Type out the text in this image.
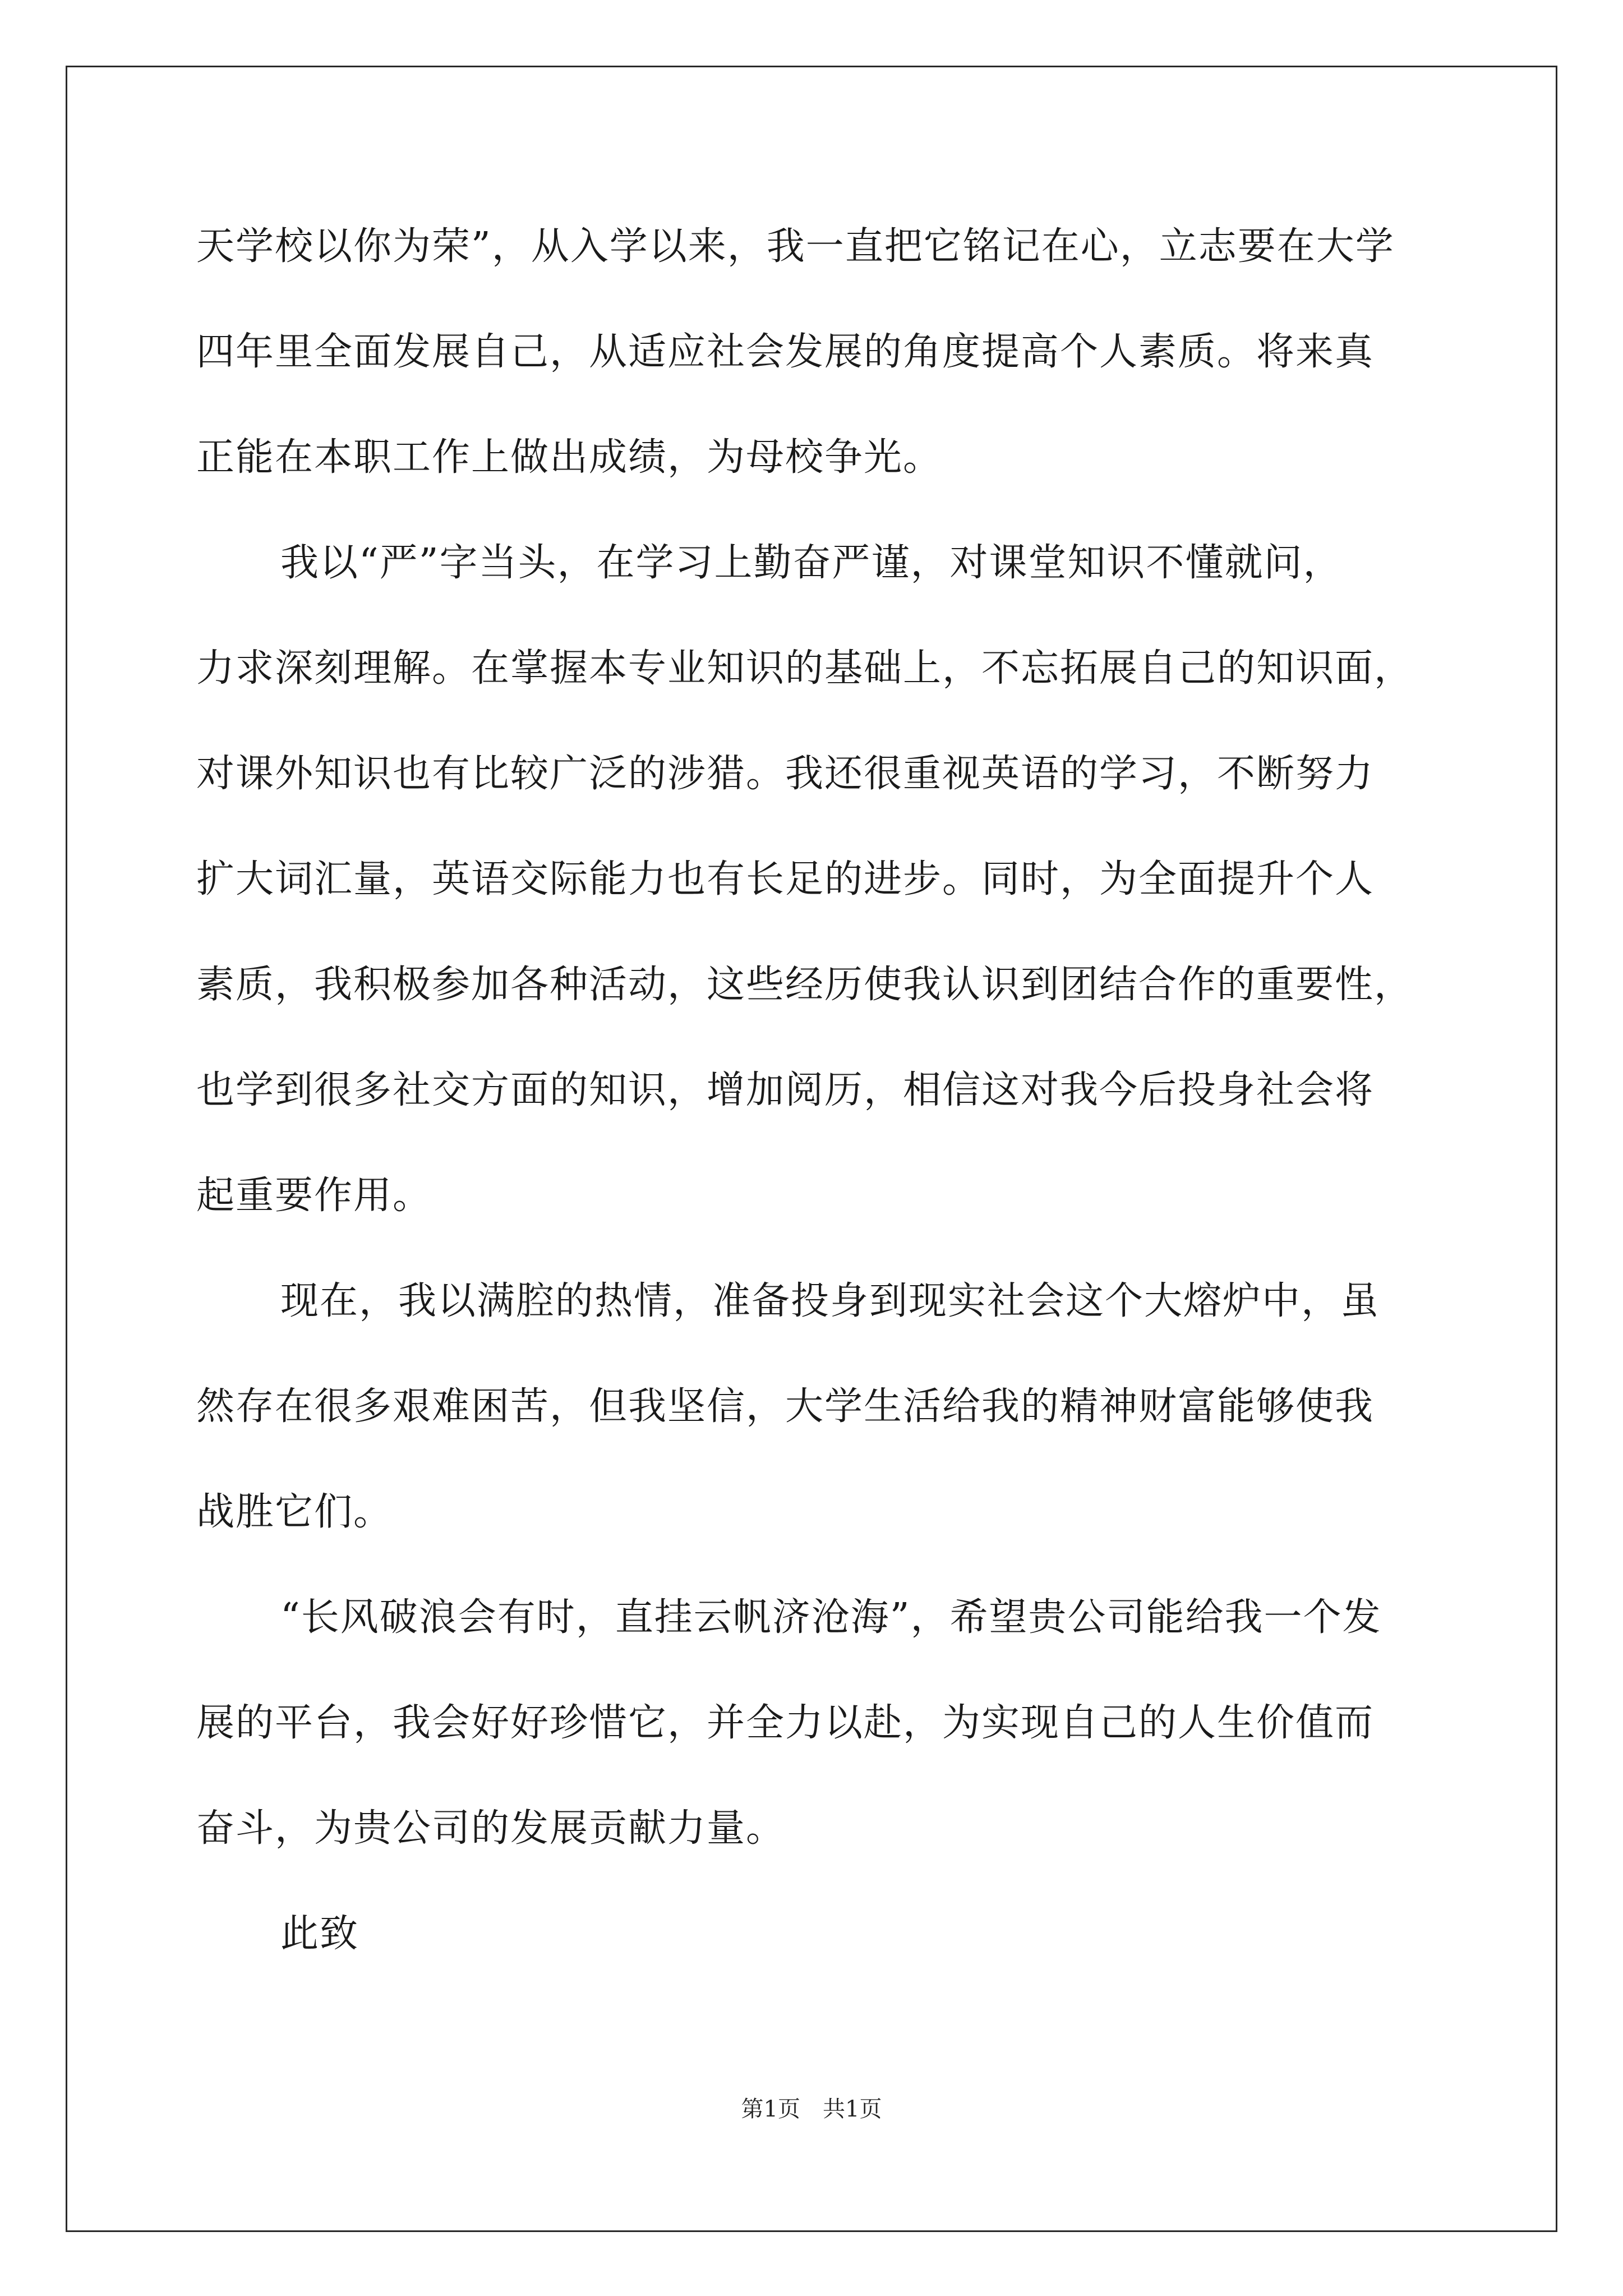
天学校以你为荣”，从入学以来，我一直把它铭记在心，立志要在大学
四年里全面发展自己，从适应社会发展的角度提高个人素质。将来真
正能在本职工作上做出成绩，为母校争光。
我以“严”字当头，在学习上勤奋严谨，对课堂知识不懂就问，
力求深刻理解。在掌握本专业知识的基础上，不忘拓展自己的知识面，
对课外知识也有比较广泛的涉猎。我还很重视英语的学习，不断努力
扩大词汇量，英语交际能力也有长足的进步。同时，为全面提升个人
素质，我积极参加各种活动，这些经历使我认识到团结合作的重要性，
也学到很多社交方面的知识，增加阅历，相信这对我今后投身社会将
起重要作用。
现在，我以满腔的热情，准备投身到现实社会这个大熔炉中，虽
然存在很多艰难困苦，但我坚信，大学生活给我的精神财富能够使我
战胜它们。
“长风破浪会有时，直挂云帆济沧海”，希望贵公司能给我一个发
展的平台，我会好好珍惜它，并全力以赴，为实现自己的人生价值而
奋斗，为贵公司的发展贡献力量。
此致
第1页 共1页
